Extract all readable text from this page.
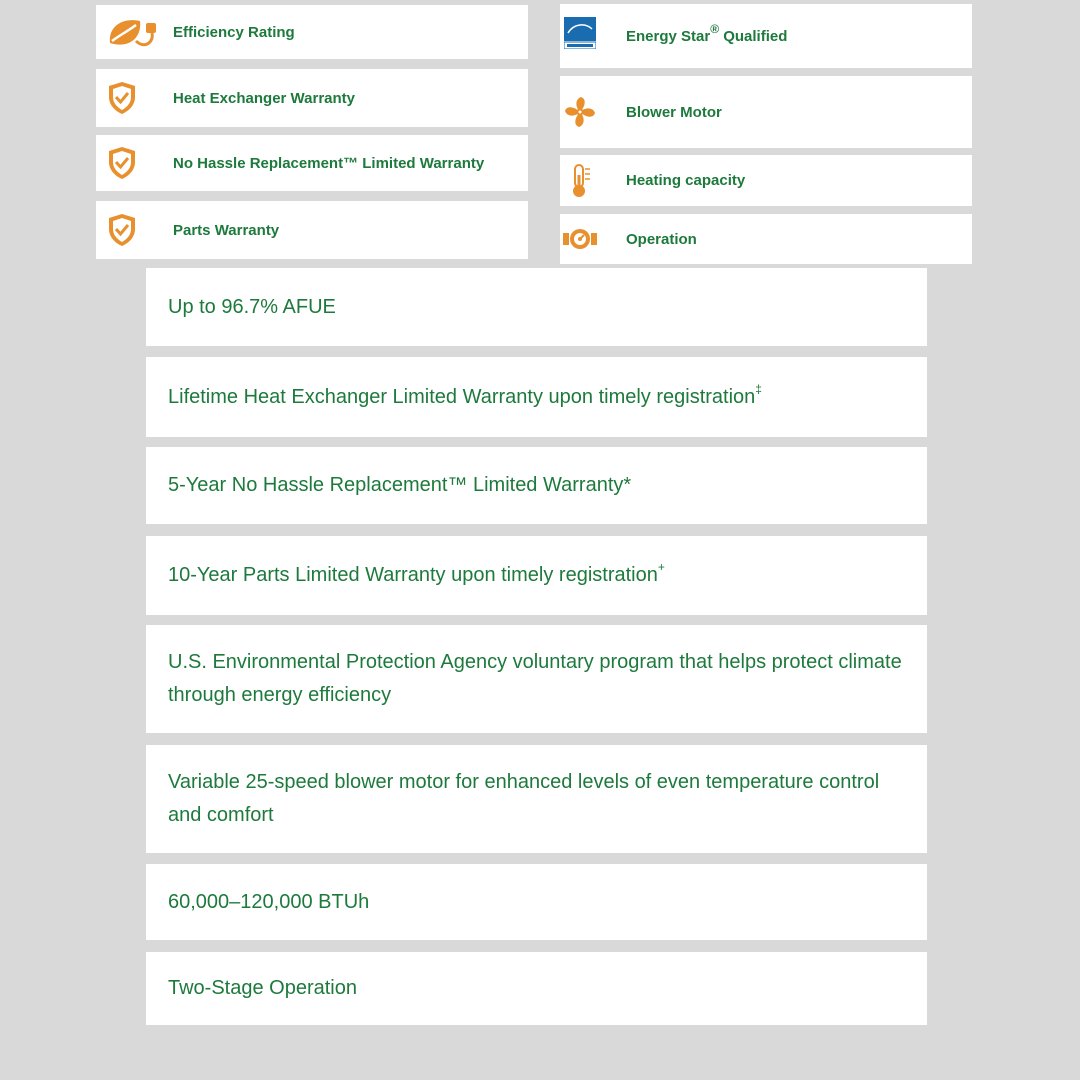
Efficiency Rating
Heat Exchanger Warranty
No Hassle Replacement™ Limited Warranty
Parts Warranty
Energy Star® Qualified
Blower Motor
Heating capacity
Operation
Up to 96.7% AFUE
Lifetime Heat Exchanger Limited Warranty upon timely registration‡
5-Year No Hassle Replacement™ Limited Warranty*
10-Year Parts Limited Warranty upon timely registration+
U.S. Environmental Protection Agency voluntary program that helps protect climate through energy efficiency
Variable 25-speed blower motor for enhanced levels of even temperature control and comfort
60,000–120,000 BTUh
Two-Stage Operation
